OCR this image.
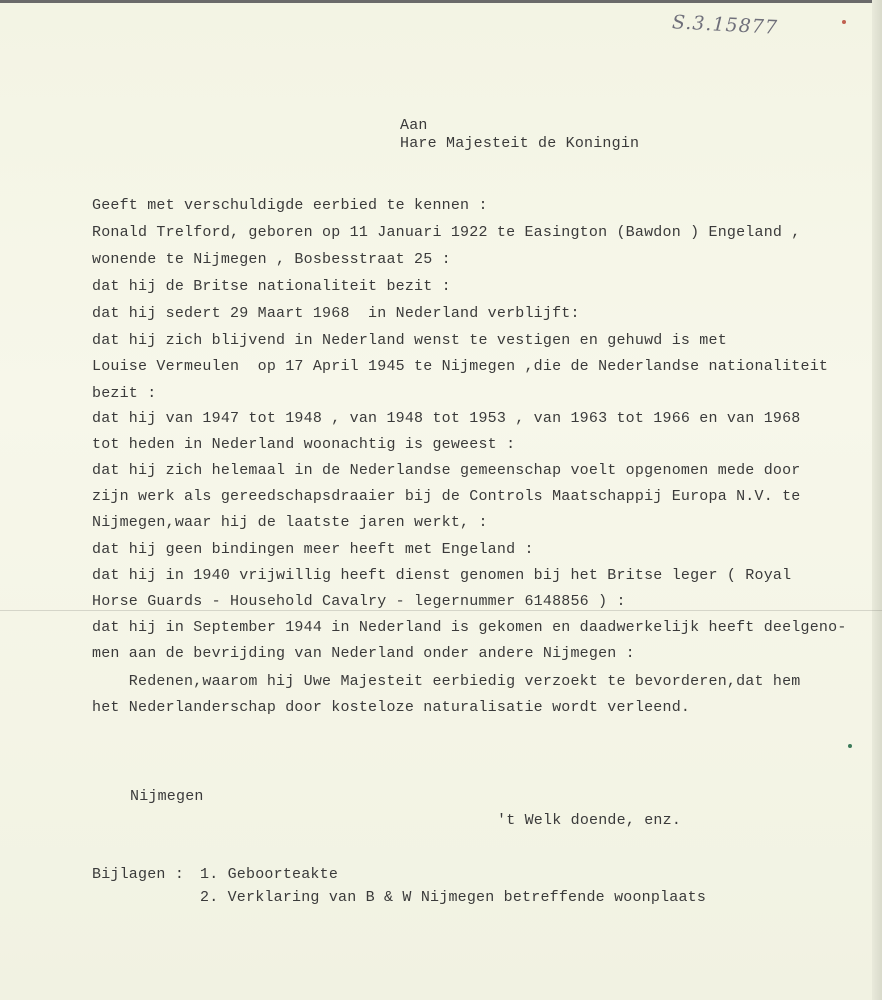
S.3.15877
Aan
Hare Majesteit de Koningin
Geeft met verschuldigde eerbied te kennen :
Ronald Trelford, geboren op 11 Januari 1922 te Easington (Bawdon ) Engeland ,
wonende te Nijmegen , Bosbesstraat 25 :
dat hij de Britse nationaliteit bezit :
dat hij sedert 29 Maart 1968  in Nederland verblijft:
dat hij zich blijvend in Nederland wenst te vestigen en gehuwd is met
Louise Vermeulen  op 17 April 1945 te Nijmegen ,die de Nederlandse nationaliteit
bezit :
dat hij van 1947 tot 1948 , van 1948 tot 1953 , van 1963 tot 1966 en van 1968
tot heden in Nederland woonachtig is geweest :
dat hij zich helemaal in de Nederlandse gemeenschap voelt opgenomen mede door
zijn werk als gereedschapsdraaier bij de Controls Maatschappij Europa N.V. te
Nijmegen,waar hij de laatste jaren werkt, :
dat hij geen bindingen meer heeft met Engeland :
dat hij in 1940 vrijwillig heeft dienst genomen bij het Britse leger ( Royal
Horse Guards - Household Cavalry - legernummer 6148856 ) :
dat hij in September 1944 in Nederland is gekomen en daadwerkelijk heeft deelgeno-
men aan de bevrijding van Nederland onder andere Nijmegen :
Redenen,waarom hij Uwe Majesteit eerbiedig verzoekt te bevorderen,dat hem
het Nederlanderschap door kosteloze naturalisatie wordt verleend.
Nijmegen
't Welk doende, enz.
Bijlagen : 1. Geboorteakte
2. Verklaring van B & W Nijmegen betreffende woonplaats
